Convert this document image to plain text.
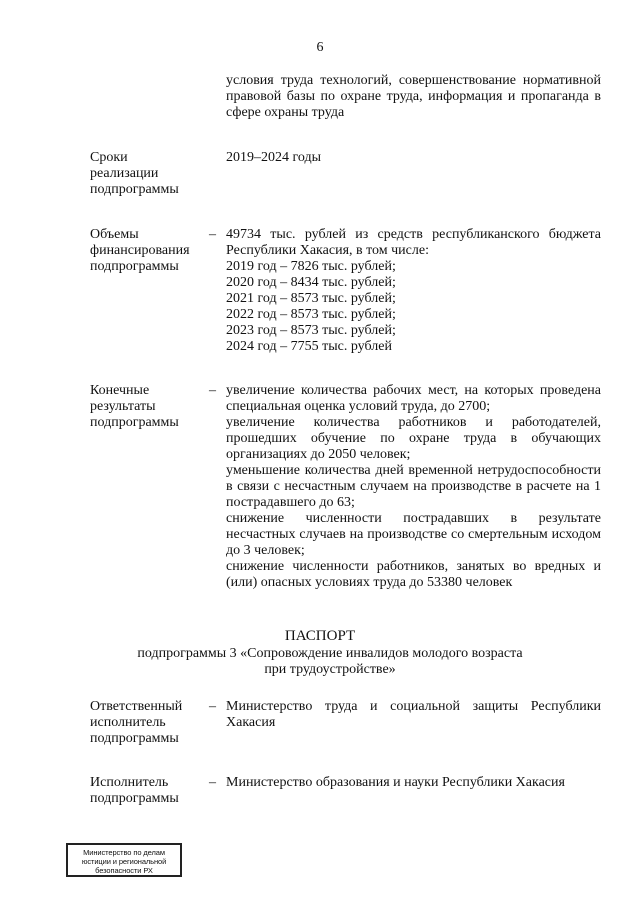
6
условия труда технологий, совершенствование нормативной
правовой базы по охране труда, информация и пропаганда в
сфере охраны труда
Сроки
реализации
подпрограммы
2019–2024 годы
Объемы
финансирования
подпрограммы
– 49734 тыс. рублей из средств республиканского бюджета
Республики Хакасия, в том числе:
2019 год – 7826 тыс. рублей;
2020 год – 8434 тыс. рублей;
2021 год – 8573 тыс. рублей;
2022 год – 8573 тыс. рублей;
2023 год – 8573 тыс. рублей;
2024 год – 7755 тыс. рублей
Конечные
результаты
подпрограммы
– увеличение количества рабочих мест, на которых проведена
специальная оценка условий труда, до 2700;
увеличение количества работников и работодателей,
прошедших обучение по охране труда в обучающих
организациях до 2050 человек;
уменьшение количества дней временной нетрудоспособности
в связи с несчастным случаем на производстве в расчете на 1
пострадавшего до 63;
снижение численности пострадавших в результате
несчастных случаев на производстве со смертельным исходом
до 3 человек;
снижение численности работников, занятых во вредных и
(или) опасных условиях труда до 53380 человек
ПАСПОРТ
подпрограммы 3 «Сопровождение инвалидов молодого возраста
при трудоустройстве»
Ответственный
исполнитель
подпрограммы
– Министерство труда и социальной защиты Республики
Хакасия
Исполнитель
подпрограммы
– Министерство образования и науки Республики Хакасия
Министерство по делам
юстиции и региональной
безопасности РХ
